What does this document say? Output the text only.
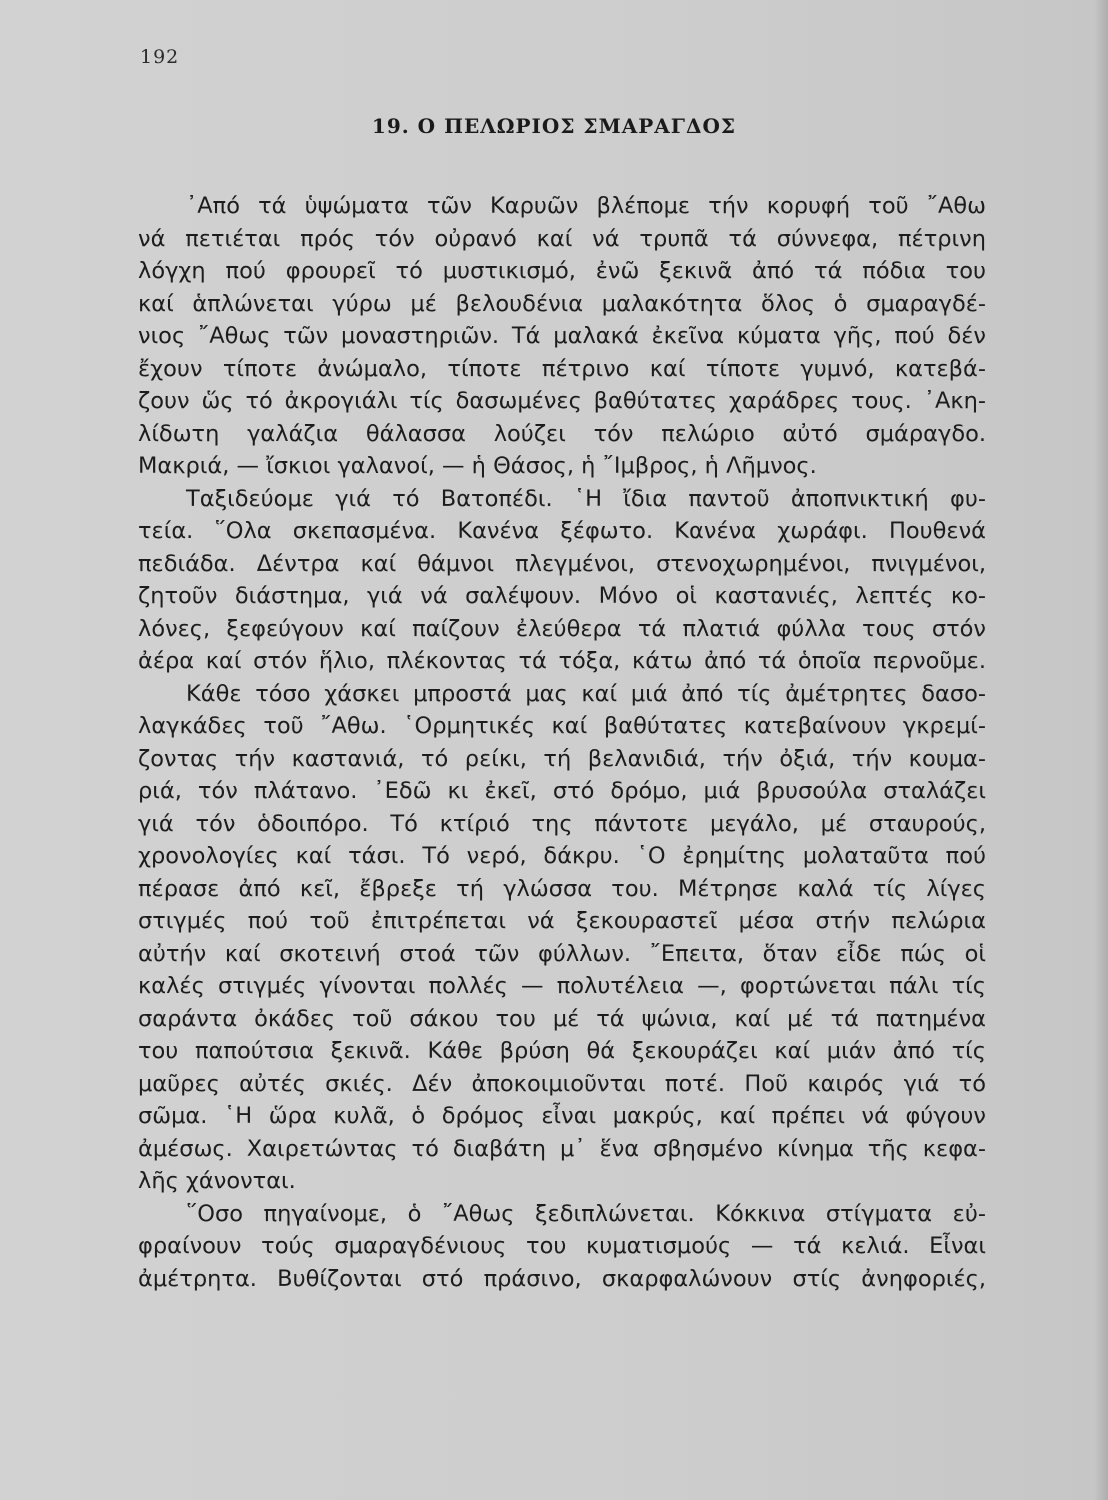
192
19. Ο ΠΕΛΩΡΙΟΣ ΣΜΑΡΑΓΔΟΣ
᾿Από τά ὑψώματα τῶν Καρυῶν βλέπομε τήν κορυφή τοῦ ῎Αθω
νά πετιέται πρός τόν οὐρανό καί νά τρυπᾶ τά σύννεφα, πέτρινη
λόγχη πού φρουρεῖ τό μυστικισμό, ἐνῶ ξεκινᾶ ἀπό τά πόδια του
καί ἁπλώνεται γύρω μέ βελουδένια μαλακότητα ὅλος ὁ σμαραγδέ-
νιος ῎Αθως τῶν μοναστηριῶν. Τά μαλακά ἐκεῖνα κύματα γῆς, πού δέν
ἔχουν τίποτε ἀνώμαλο, τίποτε πέτρινο καί τίποτε γυμνό, κατεβά-
ζουν ὥς τό ἀκρογιάλι τίς δασωμένες βαθύτατες χαράδρες τους. ᾿Ακη-
λίδωτη γαλάζια θάλασσα λούζει τόν πελώριο αὐτό σμάραγδο.
Μακριά, — ἴσκιοι γαλανοί, — ἡ Θάσος, ἡ ῎Ιμβρος, ἡ Λῆμνος.
Ταξιδεύομε γιά τό Βατοπέδι. ῾Η ἴδια παντοῦ ἀποπνικτική φυ-
τεία. ῞Ολα σκεπασμένα. Κανένα ξέφωτο. Κανένα χωράφι. Πουθενά
πεδιάδα. Δέντρα καί θάμνοι πλεγμένοι, στενοχωρημένοι, πνιγμένοι,
ζητοῦν διάστημα, γιά νά σαλέψουν. Μόνο οἱ καστανιές, λεπτές κο-
λόνες, ξεφεύγουν καί παίζουν ἐλεύθερα τά πλατιά φύλλα τους στόν
ἀέρα καί στόν ἥλιο, πλέκοντας τά τόξα, κάτω ἀπό τά ὁποῖα περνοῦμε.
Κάθε τόσο χάσκει μπροστά μας καί μιά ἀπό τίς ἀμέτρητες δασο-
λαγκάδες τοῦ ῎Αθω. ῾Ορμητικές καί βαθύτατες κατεβαίνουν γκρεμί-
ζοντας τήν καστανιά, τό ρείκι, τή βελανιδιά, τήν ὀξιά, τήν κουμα-
ριά, τόν πλάτανο. ᾿Εδῶ κι ἐκεῖ, στό δρόμο, μιά βρυσούλα σταλάζει
γιά τόν ὁδοιπόρο. Τό κτίριό της πάντοτε μεγάλο, μέ σταυρούς,
χρονολογίες καί τάσι. Τό νερό, δάκρυ. ῾Ο ἐρημίτης μολαταῦτα πού
πέρασε ἀπό κεῖ, ἔβρεξε τή γλώσσα του. Μέτρησε καλά τίς λίγες
στιγμές πού τοῦ ἐπιτρέπεται νά ξεκουραστεῖ μέσα στήν πελώρια
αὐτήν καί σκοτεινή στοά τῶν φύλλων. ῎Επειτα, ὅταν εἶδε πώς οἱ
καλές στιγμές γίνονται πολλές — πολυτέλεια —, φορτώνεται πάλι τίς
σαράντα ὀκάδες τοῦ σάκου του μέ τά ψώνια, καί μέ τά πατημένα
του παπούτσια ξεκινᾶ. Κάθε βρύση θά ξεκουράζει καί μιάν ἀπό τίς
μαῦρες αὐτές σκιές. Δέν ἀποκοιμιοῦνται ποτέ. Ποῦ καιρός γιά τό
σῶμα. ῾Η ὥρα κυλᾶ, ὁ δρόμος εἶναι μακρύς, καί πρέπει νά φύγουν
ἀμέσως. Χαιρετώντας τό διαβάτη μ᾿ ἕνα σβησμένο κίνημα τῆς κεφα-
λῆς χάνονται.
῞Οσο πηγαίνομε, ὁ ῎Αθως ξεδιπλώνεται. Κόκκινα στίγματα εὐ-
φραίνουν τούς σμαραγδένιους του κυματισμούς — τά κελιά. Εἶναι
ἀμέτρητα. Βυθίζονται στό πράσινο, σκαρφαλώνουν στίς ἀνηφοριές,
